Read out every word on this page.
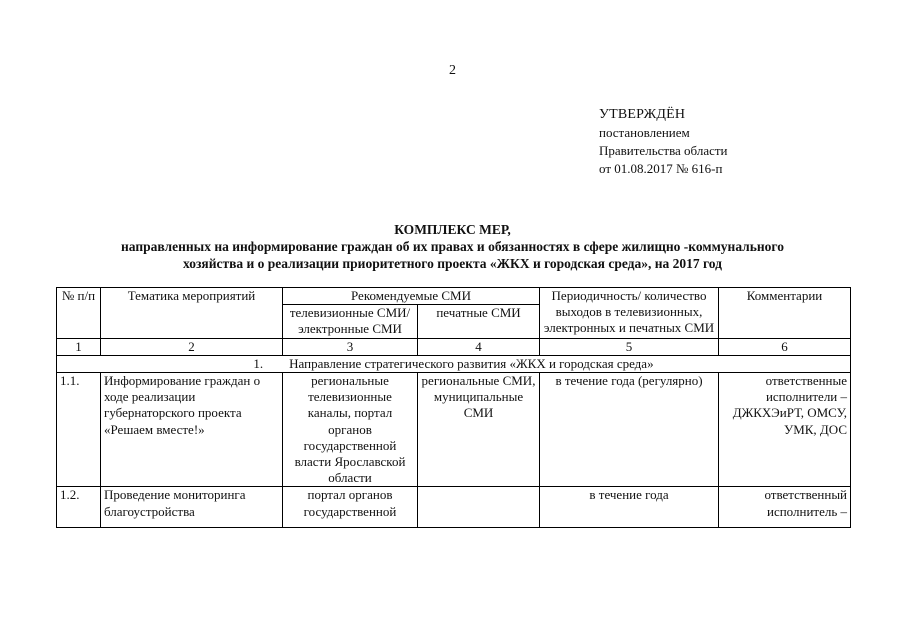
2
УТВЕРЖДЁН
постановлением
Правительства области
от 01.08.2017 № 616-п
КОМПЛЕКС МЕР,
направленных на информирование граждан об их правах и обязанностях в сфере жилищно -коммунального
хозяйства и о реализации приоритетного проекта «ЖКХ и городская среда», на 2017 год
№ п/п	Тематика мероприятий	Рекомендуемые СМИ		Периодичность/ количество выходов в телевизионных, электронных и печатных СМИ	Комментарии
		телевизионные СМИ/ электронные СМИ	печатные СМИ		
1	2	3	4	5	6
1.        Направление стратегического развития «ЖКХ и городская среда»					
1.1.	Информирование граждан о ходе реализации губернаторского проекта «Решаем вместе!»	региональные телевизионные каналы, портал органов государственной власти Ярославской области	региональные СМИ, муниципальные СМИ	в течение года (регулярно)	ответственные исполнители – ДЖКХЭиРТ, ОМСУ, УМК, ДОС
1.2.	Проведение мониторинга благоустройства	портал органов государственной		в течение года	ответственный исполнитель –
